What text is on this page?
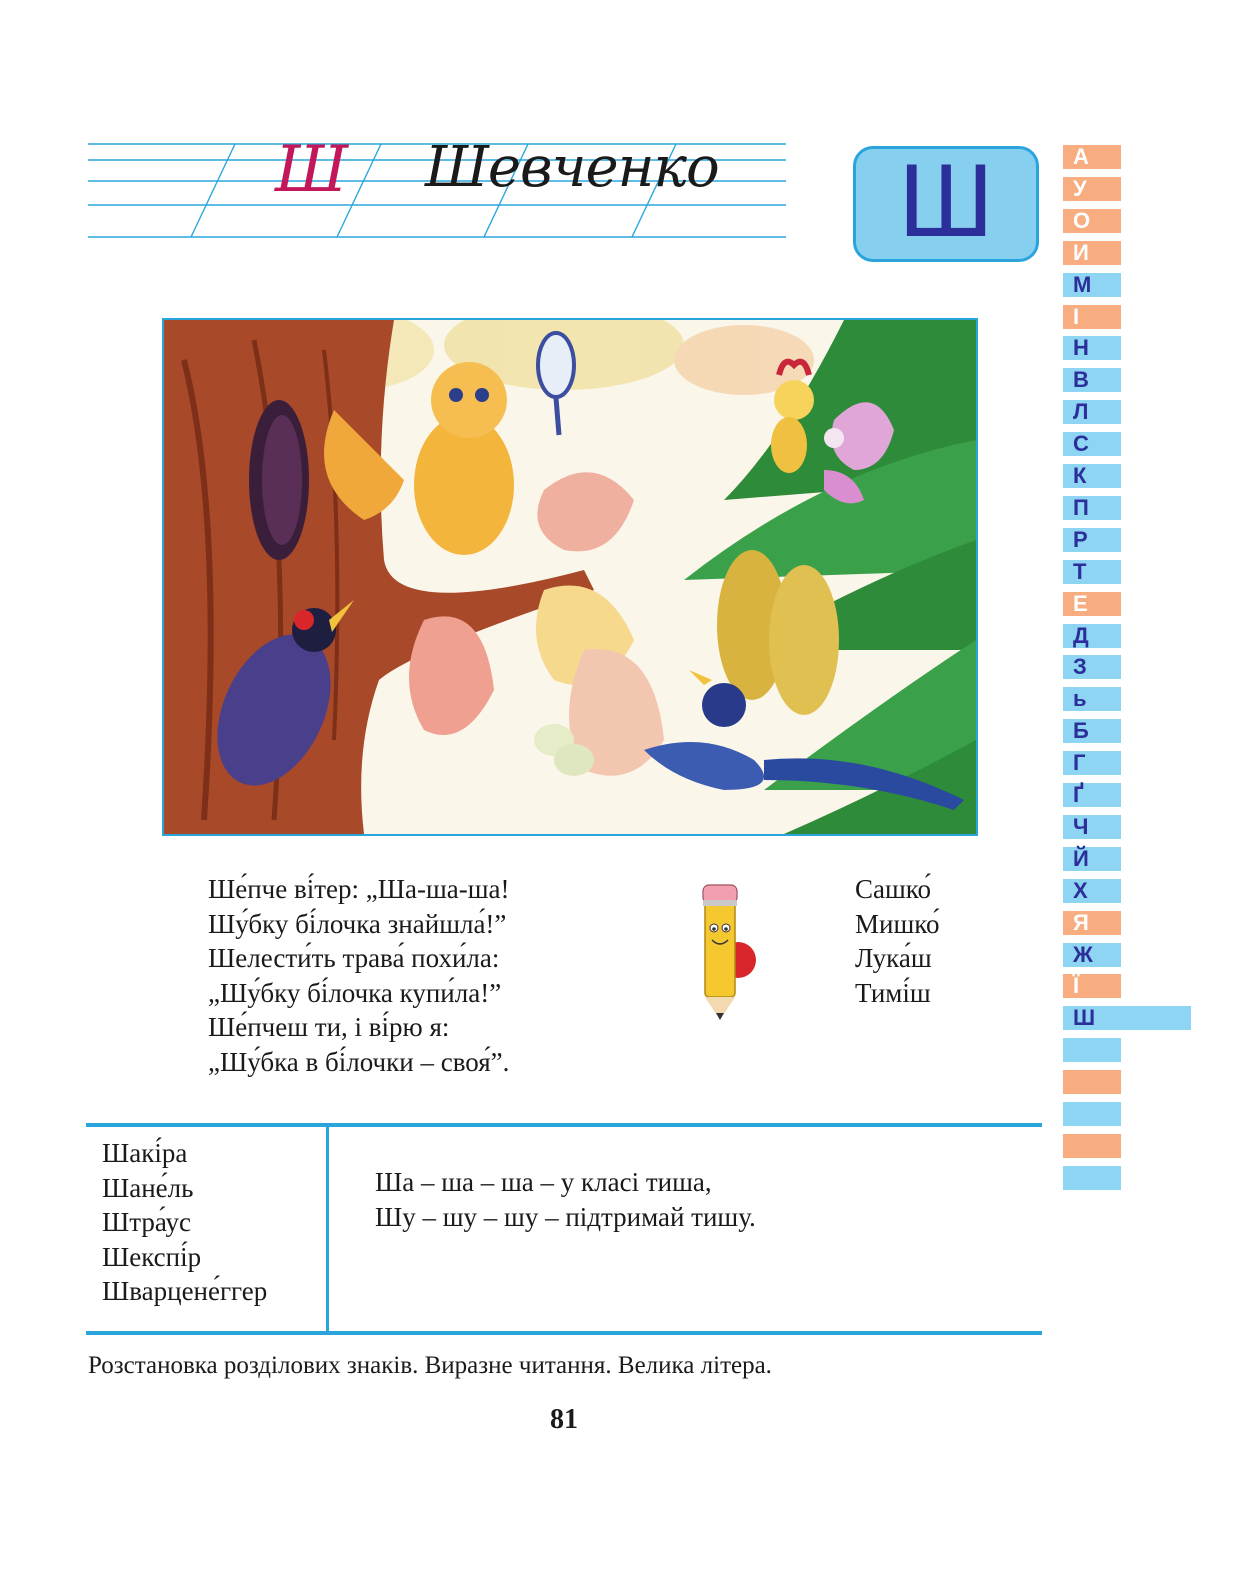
Ш Шевченко Ш	А
У
О
И
М
І
Н
В
Л
С
К
П
Р
Т
Е
Д
З
ь
Б
Г
Ґ
Ч
Й
Х
Я
Ж
Ї
Ш
Ше́пче ві́тер: „Ша-ша-ша!
Шу́бку бі́лочка знайшла́!”
Шелести́ть трава́ похи́ла:
„Шу́бку бі́лочка купи́ла!”
Ше́пчеш ти, і ві́рю я:
„Шу́бка в бі́лочки – своя́”.
Сашко́
Мишко́
Лука́ш
Тимі́ш
Шакі́ра
Шане́ль
Штра́ус
Шекспі́р
Шварцене́ггер
Ша – ша – ша – у класі тиша,
Шу – шу – шу – підтримай тишу.
Розстановка розділових знаків. Виразне читання. Велика літера.
81
